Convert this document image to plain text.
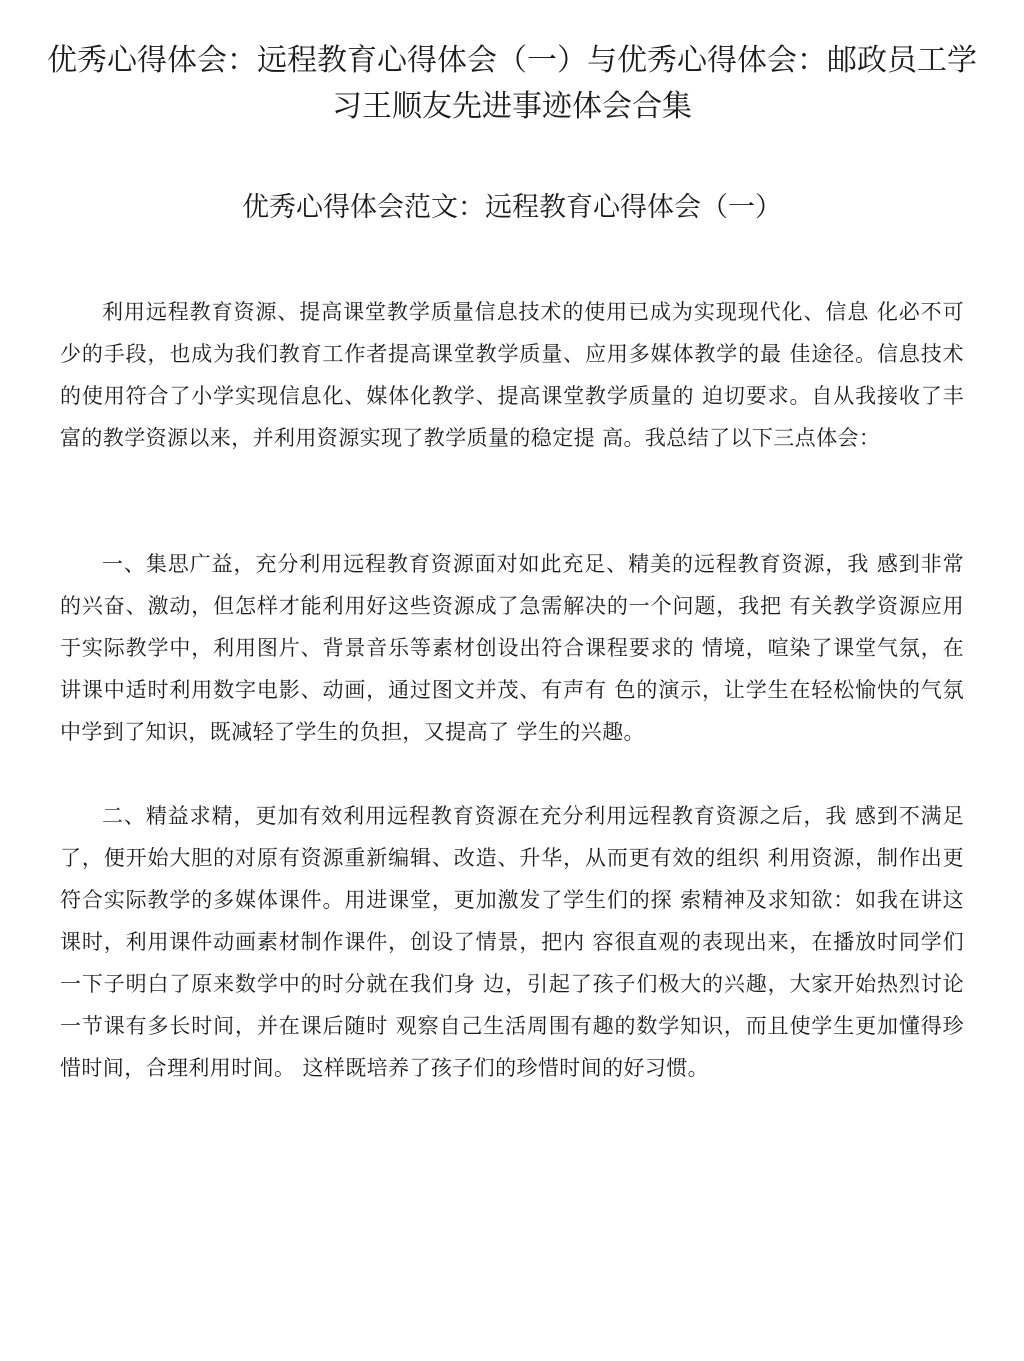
优秀心得体会：远程教育心得体会（一）与优秀心得体会：邮政员工学习王顺友先进事迹体会合集
优秀心得体会范文：远程教育心得体会（一）

利用远程教育资源、提高课堂教学质量信息技术的使用已成为实现现代化、信息 化必不可少的手段，也成为我们教育工作者提高课堂教学质量、应用多媒体教学的最 佳途径。信息技术的使用符合了小学实现信息化、媒体化教学、提高课堂教学质量的 迫切要求。自从我接收了丰富的教学资源以来，并利用资源实现了教学质量的稳定提 高。我总结了以下三点体会：

一、集思广益，充分利用远程教育资源面对如此充足、精美的远程教育资源，我 感到非常的兴奋、激动，但怎样才能利用好这些资源成了急需解决的一个问题，我把 有关教学资源应用于实际教学中，利用图片、背景音乐等素材创设出符合课程要求的 情境，喧染了课堂气氛，在讲课中适时利用数字电影、动画，通过图文并茂、有声有 色的演示，让学生在轻松愉快的气氛中学到了知识，既减轻了学生的负担，又提高了 学生的兴趣。

二、精益求精，更加有效利用远程教育资源在充分利用远程教育资源之后，我 感到不满足了，便开始大胆的对原有资源重新编辑、改造、升华，从而更有效的组织 利用资源，制作出更符合实际教学的多媒体课件。用进课堂，更加激发了学生们的探 索精神及求知欲：如我在讲这课时，利用课件动画素材制作课件，创设了情景，把内 容很直观的表现出来，在播放时同学们一下子明白了原来数学中的时分就在我们身 边，引起了孩子们极大的兴趣，大家开始热烈讨论一节课有多长时间，并在课后随时 观察自己生活周围有趣的数学知识，而且使学生更加懂得珍惜时间，合理利用时间。 这样既培养了孩子们的珍惜时间的好习惯。
